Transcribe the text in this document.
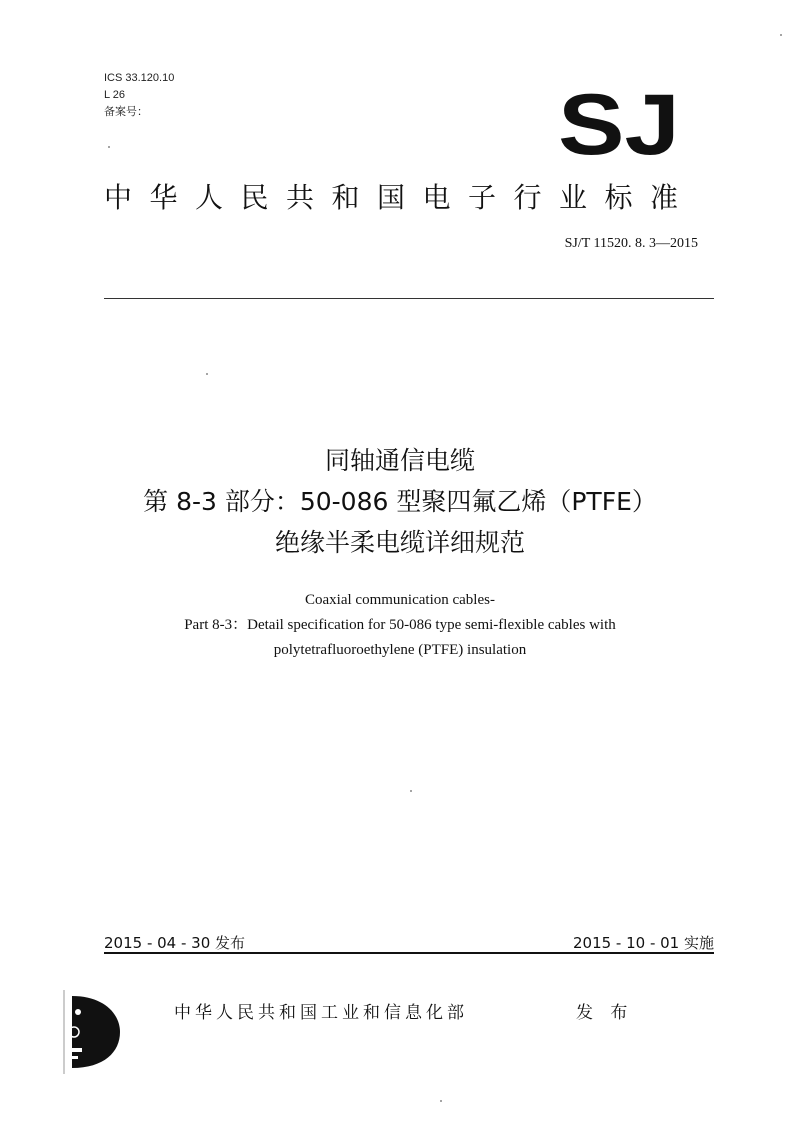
ICS 33.120.10
L 26
备案号：	SJ
中华人民共和国电子行业标准
SJ/T 11520. 8. 3—2015
同轴通信电缆
第 8-3 部分：50-086 型聚四氟乙烯（PTFE）
绝缘半柔电缆详细规范
Coaxial communication cables-
Part 8-3：Detail specification for 50-086 type semi-flexible cables with
polytetrafluoroethylene (PTFE) insulation
2015 - 04 - 30 发布	2015 - 10 - 01 实施
中华人民共和国工业和信息化部	发 布
